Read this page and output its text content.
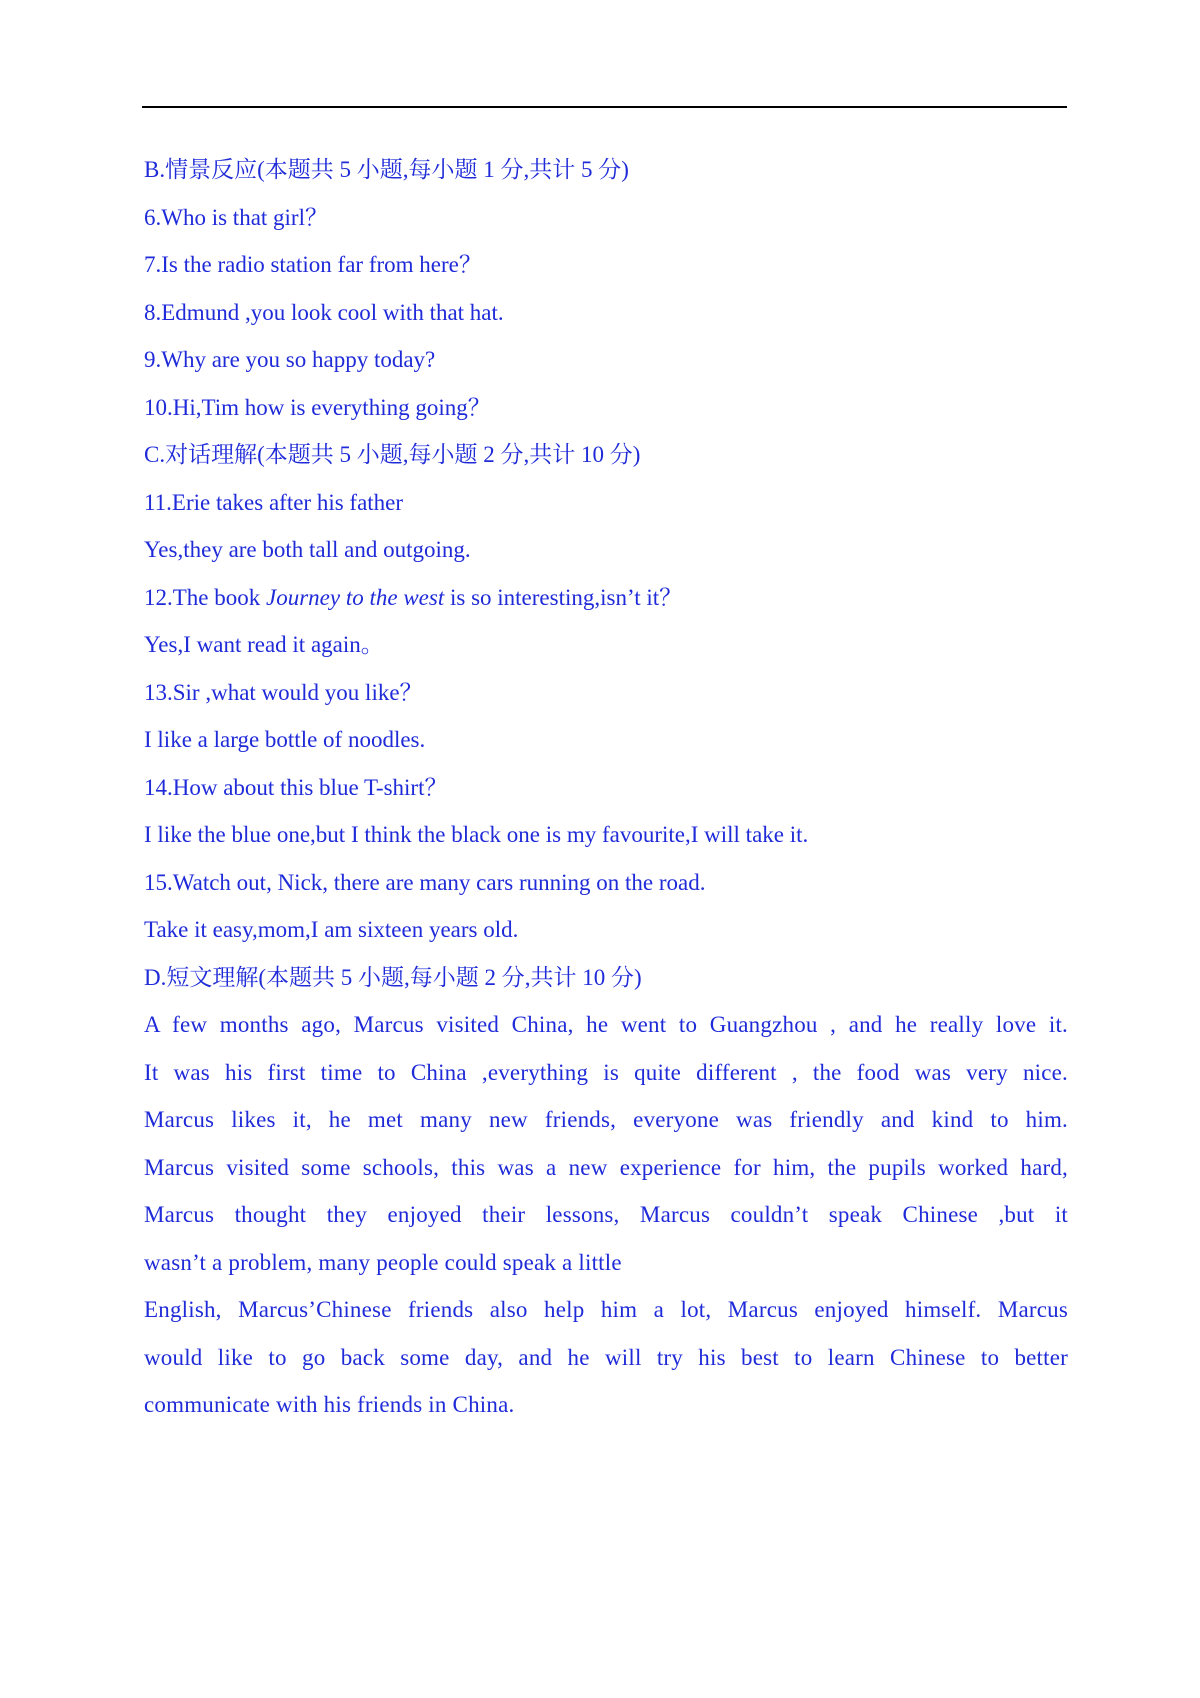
B.情景反应(本题共 5 小题,每小题 1 分,共计 5 分)
6.Who is that girl？
7.Is the radio station far from here？
8.Edmund ,you look cool with that hat.
9.Why are you so happy today?
10.Hi,Tim how is everything going？
C.对话理解(本题共 5 小题,每小题 2 分,共计 10 分)
11.Erie takes after his father
Yes,they are both tall and outgoing.
12.The book Journey to the west is so interesting,isn’t it？
Yes,I want read it again。
13.Sir ,what would you like？
I like a large bottle of noodles.
14.How about this blue T-shirt？
I like the blue one,but I think the black one is my favourite,I will take it.
15.Watch out, Nick, there are many cars running on the road.
Take it easy,mom,I am sixteen years old.
D.短文理解(本题共 5 小题,每小题 2 分,共计 10 分)
A few months ago, Marcus visited China, he went to Guangzhou , and he really love it.
It was his first time to China ,everything is quite different , the food was very nice.
Marcus likes it, he met many new friends, everyone was friendly and kind to him.
Marcus visited some schools, this was a new experience for him, the pupils worked hard,
Marcus thought they enjoyed their lessons, Marcus couldn’t speak Chinese ,but it
wasn’t a problem, many people could speak a little
English, Marcus’Chinese friends also help him a lot, Marcus enjoyed himself. Marcus
would like to go back some day, and he will try his best to learn Chinese to better
communicate with his friends in China.
